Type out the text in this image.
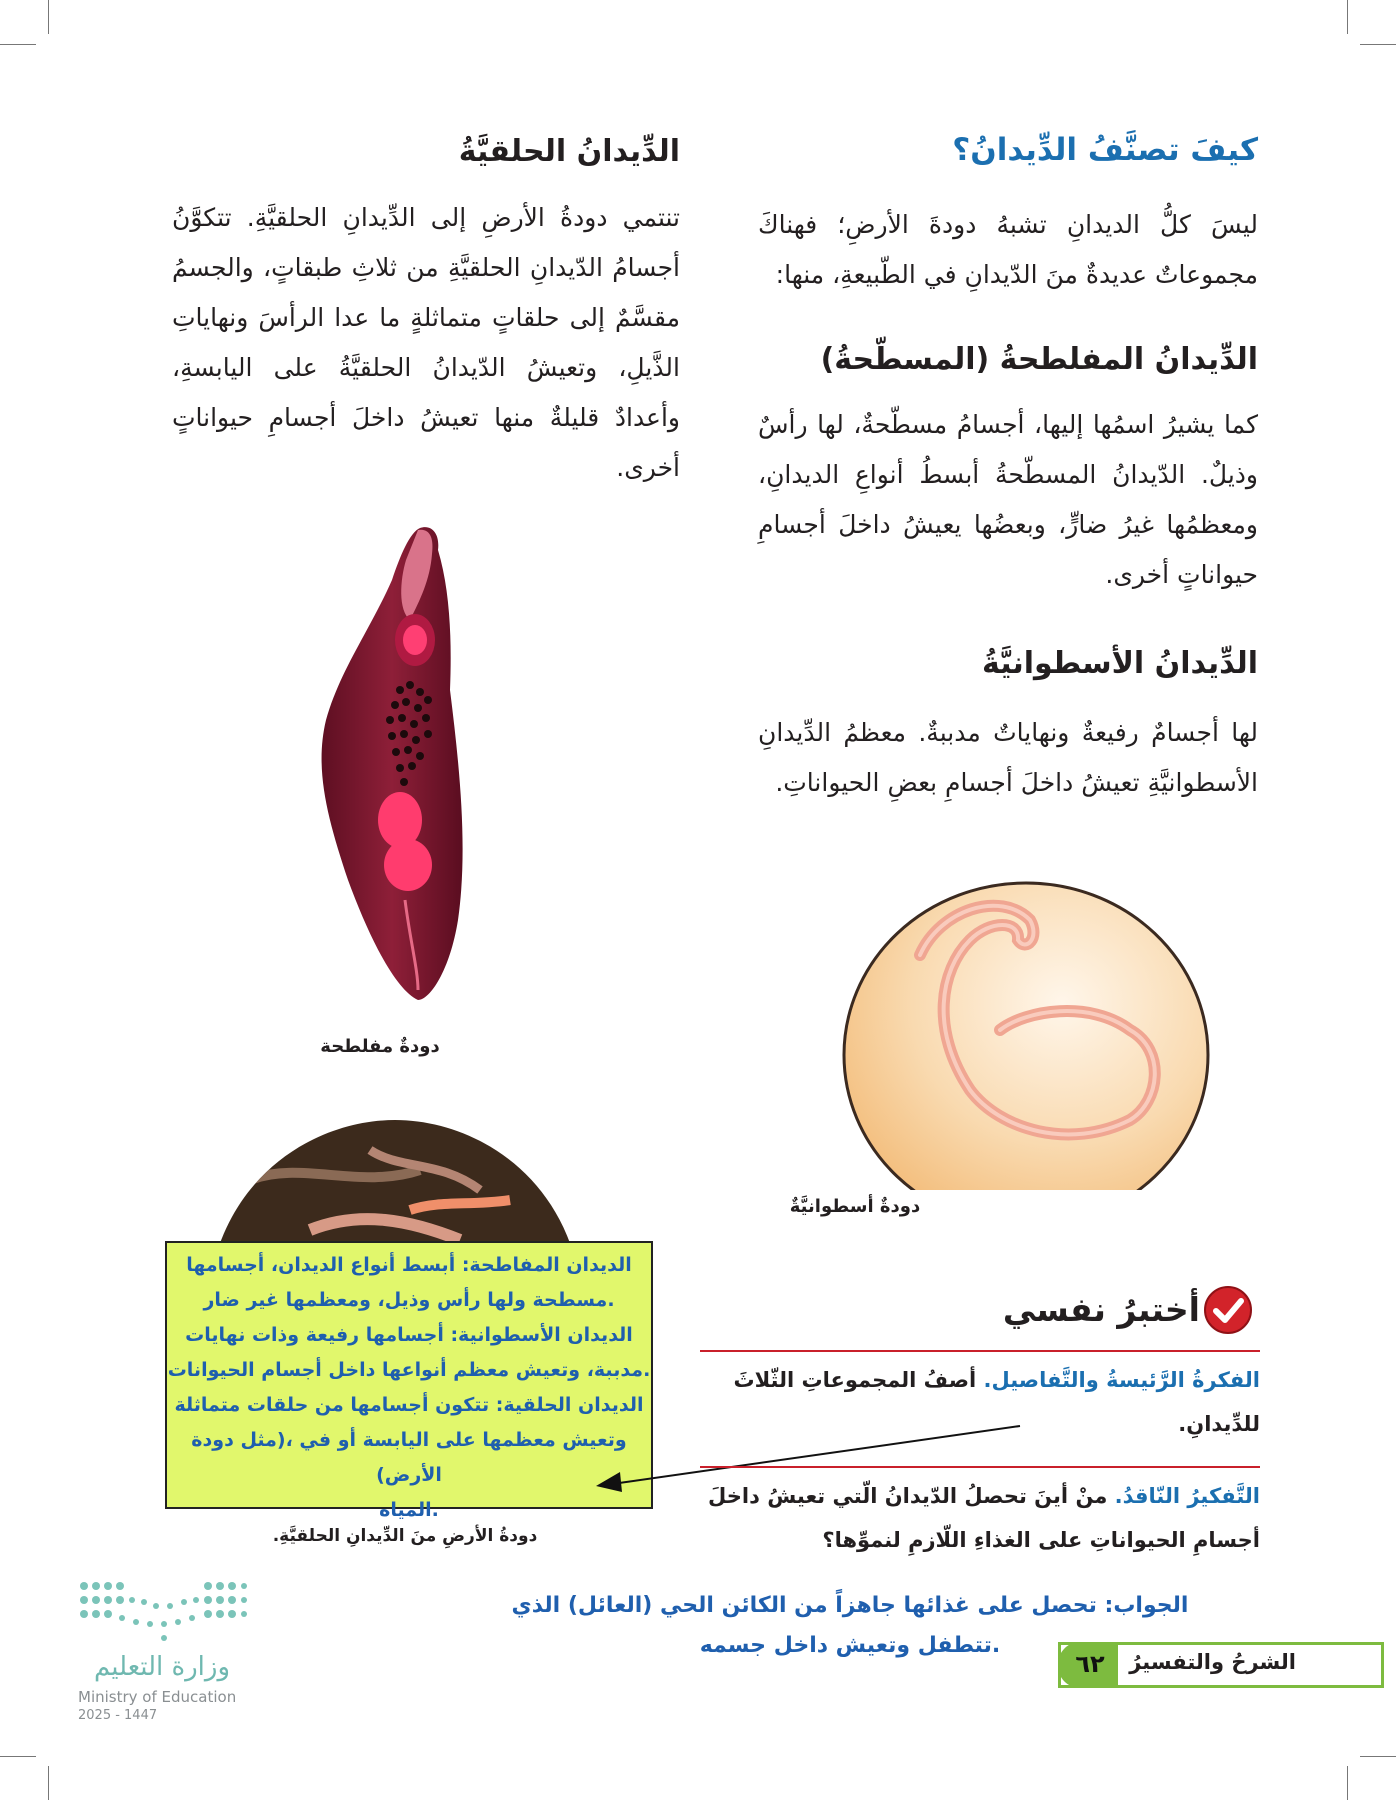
كيفَ تصنَّفُ الدِّيدانُ؟
ليسَ كلُّ الديدانِ تشبهُ دودةَ الأرضِ؛ فهناكَ مجموعاتٌ عديدةٌ منَ الدّيدانِ في الطّبيعةِ، منها:
الدِّيدانُ المفلطحةُ (المسطّحةُ)
كما يشيرُ اسمُها إليها، أجسامُ مسطّحةٌ، لها رأسٌ وذيلٌ. الدّيدانُ المسطّحةُ أبسطُ أنواعِ الديدانِ، ومعظمُها غيرُ ضارٍّ، وبعضُها يعيشُ داخلَ أجسامِ حيواناتٍ أخرى.
الدِّيدانُ الأسطوانيَّةُ
لها أجسامٌ رفيعةٌ ونهاياتٌ مدببةٌ. معظمُ الدِّيدانِ الأسطوانيَّةِ تعيشُ داخلَ أجسامِ بعضِ الحيواناتِ.
الدِّيدانُ الحلقيَّةُ
تنتمي دودةُ الأرضِ إلى الدِّيدانِ الحلقيَّةِ. تتكوَّنُ أجسامُ الدّيدانِ الحلقيَّةِ من ثلاثِ طبقاتٍ، والجسمُ مقسَّمٌ إلى حلقاتٍ متماثلةٍ ما عدا الرأسَ ونهاياتِ الذَّيلِ، وتعيشُ الدّيدانُ الحلقيَّةُ على اليابسةِ، وأعدادٌ قليلةٌ منها تعيشُ داخلَ أجسامِ حيواناتٍ أخرى.
دودةٌ مفلطحة
دودةٌ أسطوانيَّةٌ
الديدان المفاطحة: أبسط أنواع الديدان، أجسامها
.مسطحة ولها رأس وذيل، ومعظمها غير ضار
الديدان الأسطوانية: أجسامها رفيعة وذات نهايات
.مدببة، وتعيش معظم أنواعها داخل أجسام الحيوانات
الديدان الحلقية: تتكون أجسامها من حلقات متماثلة
وتعيش معظمها على اليابسة أو في ،(مثل دودة الأرض)
.المياه
دودةُ الأرضِ منَ الدِّيدانِ الحلقيَّةِ.
أختبرُ نفسي
الفكرةُ الرَّئيسةُ والتَّفاصيل. أصفُ المجموعاتِ الثّلاثَ للدِّيدانِ.
التَّفكيرُ النّاقدُ. منْ أينَ تحصلُ الدّيدانُ الّتي تعيشُ داخلَ أجسامِ الحيواناتِ على الغذاءِ اللّازمِ لنموِّها؟
الجواب: تحصل على غذائها جاهزاً من الكائن الحي (العائل) الذي
.تتطفل وتعيش داخل جسمه
الشرحُ والتفسيرُ
٦٢
وزارة التعليم
Ministry of Education
2025 - 1447
